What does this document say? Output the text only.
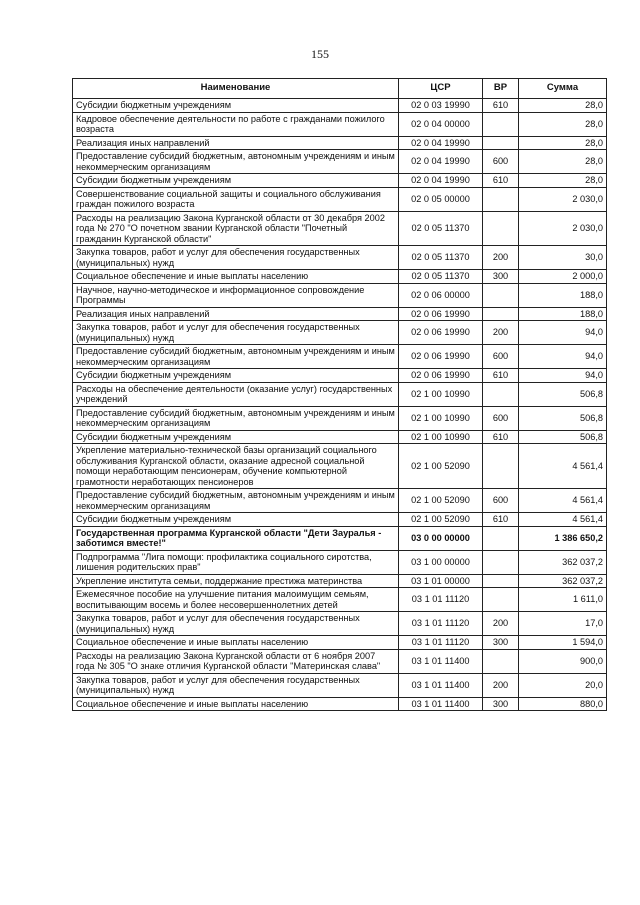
155
Наименование	ЦСР	ВР	Сумма
Субсидии бюджетным учреждениям	02 0 03 19990	610	28,0
Кадровое обеспечение деятельности по работе с гражданами пожилого возраста	02 0 04 00000		28,0
Реализация иных направлений	02 0 04 19990		28,0
Предоставление субсидий бюджетным, автономным учреждениям и иным некоммерческим организациям	02 0 04 19990	600	28,0
Субсидии бюджетным учреждениям	02 0 04 19990	610	28,0
Совершенствование социальной защиты и социального обслуживания граждан пожилого возраста	02 0 05 00000		2 030,0
Расходы на реализацию Закона Курганской области от 30 декабря 2002 года № 270 "О почетном звании Курганской области "Почетный гражданин Курганской области"	02 0 05 11370		2 030,0
Закупка товаров, работ и услуг для обеспечения государственных (муниципальных) нужд	02 0 05 11370	200	30,0
Социальное обеспечение и иные выплаты населению	02 0 05 11370	300	2 000,0
Научное, научно-методическое и информационное сопровождение Программы	02 0 06 00000		188,0
Реализация иных направлений	02 0 06 19990		188,0
Закупка товаров, работ и услуг для обеспечения государственных (муниципальных) нужд	02 0 06 19990	200	94,0
Предоставление субсидий бюджетным, автономным учреждениям и иным некоммерческим организациям	02 0 06 19990	600	94,0
Субсидии бюджетным учреждениям	02 0 06 19990	610	94,0
Расходы на обеспечение деятельности (оказание услуг) государственных учреждений	02 1 00 10990		506,8
Предоставление субсидий бюджетным, автономным учреждениям и иным некоммерческим организациям	02 1 00 10990	600	506,8
Субсидии бюджетным учреждениям	02 1 00 10990	610	506,8
Укрепление материально-технической базы организаций социального обслуживания Курганской области, оказание адресной социальной помощи неработающим пенсионерам, обучение компьютерной грамотности неработающих пенсионеров	02 1 00 52090		4 561,4
Предоставление субсидий бюджетным, автономным учреждениям и иным некоммерческим организациям	02 1 00 52090	600	4 561,4
Субсидии бюджетным учреждениям	02 1 00 52090	610	4 561,4
Государственная программа Курганской области "Дети Зауралья - заботимся вместе!"	03 0 00 00000		1 386 650,2
Подпрограмма "Лига помощи: профилактика социального сиротства, лишения родительских прав"	03 1 00 00000		362 037,2
Укрепление института семьи, поддержание престижа материнства	03 1 01 00000		362 037,2
Ежемесячное пособие на улучшение питания малоимущим семьям, воспитывающим восемь и более несовершеннолетних детей	03 1 01 11120		1 611,0
Закупка товаров, работ и услуг для обеспечения государственных (муниципальных) нужд	03 1 01 11120	200	17,0
Социальное обеспечение и иные выплаты населению	03 1 01 11120	300	1 594,0
Расходы на реализацию Закона Курганской области от 6 ноября 2007 года № 305 "О знаке отличия Курганской области "Материнская слава"	03 1 01 11400		900,0
Закупка товаров, работ и услуг для обеспечения государственных (муниципальных) нужд	03 1 01 11400	200	20,0
Социальное обеспечение и иные выплаты населению	03 1 01 11400	300	880,0
